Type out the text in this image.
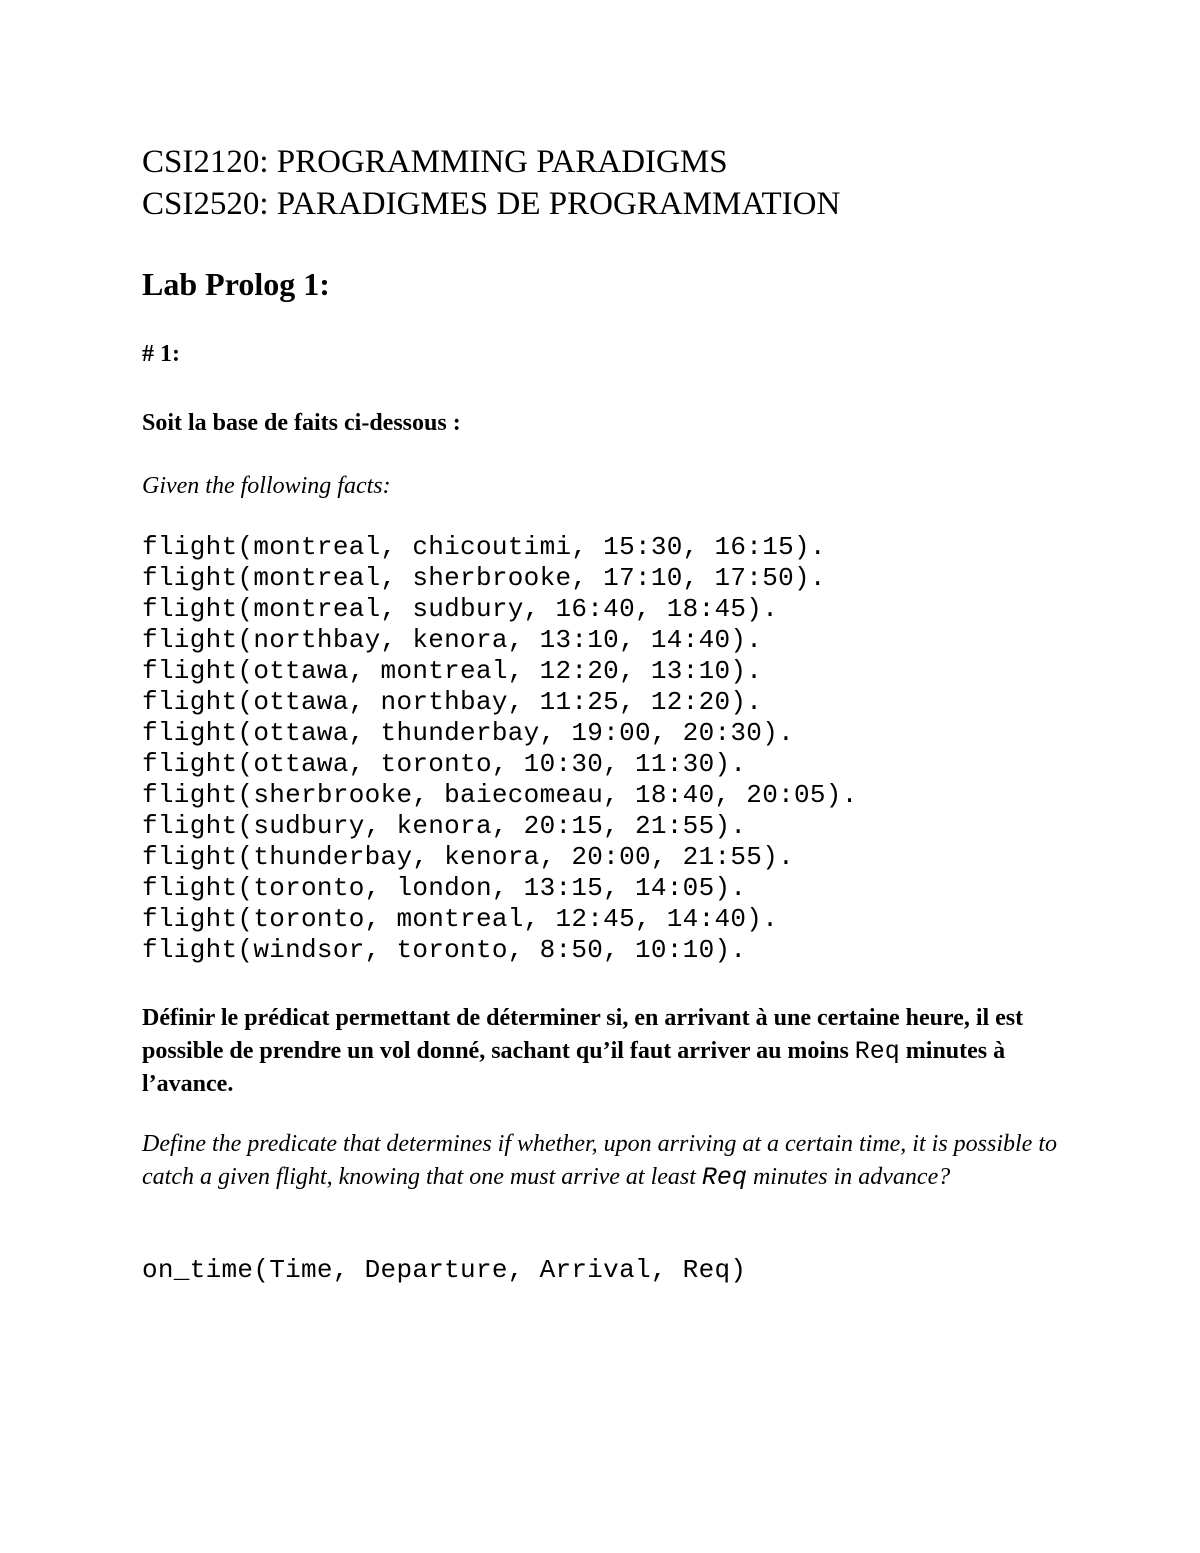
CSI2120: PROGRAMMING PARADIGMS
CSI2520: PARADIGMES DE PROGRAMMATION
Lab Prolog 1:
# 1:
Soit la base de faits ci-dessous :
Given the following facts:
flight(montreal, chicoutimi, 15:30, 16:15).
flight(montreal, sherbrooke, 17:10, 17:50).
flight(montreal, sudbury, 16:40, 18:45).
flight(northbay, kenora, 13:10, 14:40).
flight(ottawa, montreal, 12:20, 13:10).
flight(ottawa, northbay, 11:25, 12:20).
flight(ottawa, thunderbay, 19:00, 20:30).
flight(ottawa, toronto, 10:30, 11:30).
flight(sherbrooke, baiecomeau, 18:40, 20:05).
flight(sudbury, kenora, 20:15, 21:55).
flight(thunderbay, kenora, 20:00, 21:55).
flight(toronto, london, 13:15, 14:05).
flight(toronto, montreal, 12:45, 14:40).
flight(windsor, toronto, 8:50, 10:10).
Définir le prédicat permettant de déterminer si, en arrivant à une certaine heure, il est possible de prendre un vol donné, sachant qu’il faut arriver au moins Req minutes à l’avance.
Define the predicate that determines if whether, upon arriving at a certain time, it is possible to catch a given flight, knowing that one must arrive at least Req minutes in advance?
on_time(Time, Departure, Arrival, Req)
